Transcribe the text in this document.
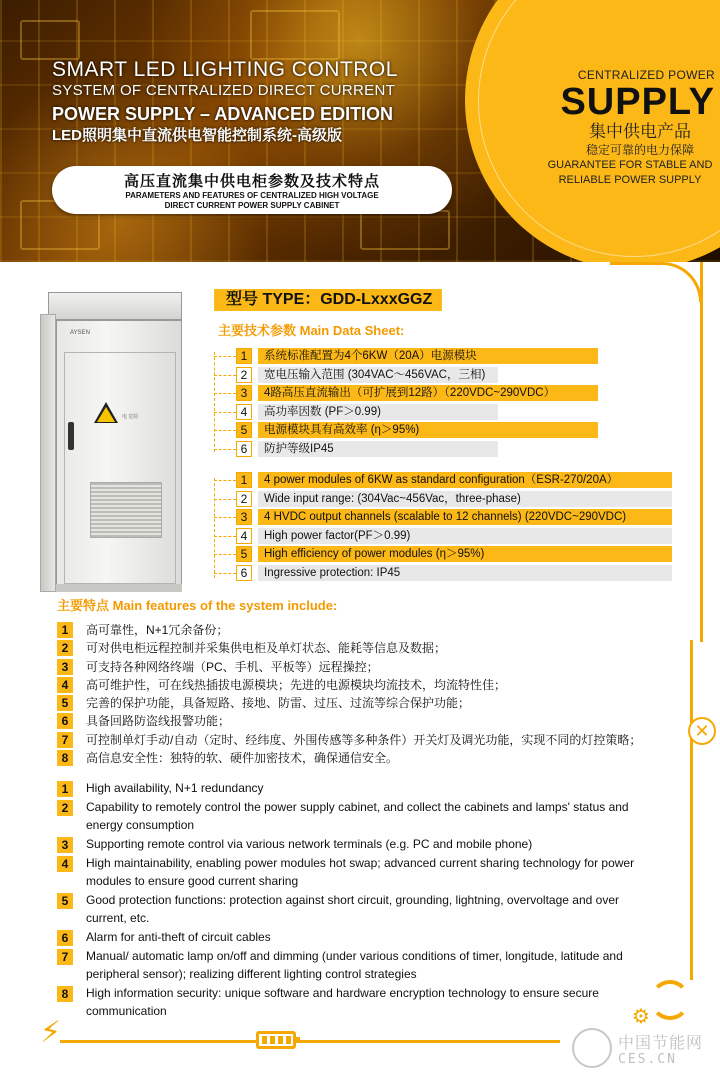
SMART LED LIGHTING CONTROL
SYSTEM OF CENTRALIZED DIRECT CURRENT
POWER SUPPLY – ADVANCED EDITION
LED照明集中直流供电智能控制系统-高级版
高压直流集中供电柜参数及技术特点
PARAMETERS AND FEATURES OF CENTRALIZED HIGH VOLTAGE
DIRECT CURRENT POWER SUPPLY CABINET
CENTRALIZED POWER
SUPPLY
集中供电产品
稳定可靠的电力保障
GUARANTEE FOR STABLE AND
RELIABLE POWER SUPPLY
✕
AYSEN
电 危险
型号 TYPE：GDD-LxxxGGZ
主要技术参数 Main Data Sheet:
1	系统标准配置为4个6KW（20A）电源模块
2	宽电压输入范围 (304VAC～456VAC，三相)
3	4路高压直流输出（可扩展到12路）（220VDC~290VDC）
4	高功率因数 (PF＞0.99)
5	电源模块具有高效率 (η＞95%)
6	防护等级IP45
1	4 power modules of 6KW as standard configuration（ESR-270/20A）
2	Wide input range: (304Vac~456Vac，three-phase)
3	4 HVDC output channels (scalable to 12 channels) (220VDC~290VDC)
4	High power factor(PF＞0.99)
5	High efficiency of power modules (η＞95%)
6	Ingressive protection: IP45
主要特点 Main features of the system include:
1	高可靠性，N+1冗余备份；
2	可对供电柜远程控制并采集供电柜及单灯状态、能耗等信息及数据；
3	可支持各种网络终端（PC、手机、平板等）远程操控；
4	高可维护性，可在线热插拔电源模块；先进的电源模块均流技术，均流特性佳；
5	完善的保护功能，具备短路、接地、防雷、过压、过流等综合保护功能；
6	具备回路防盗线报警功能；
7	可控制单灯手动/自动（定时、经纬度、外围传感等多种条件）开关灯及调光功能，实现不同的灯控策略；
8	高信息安全性：独特的软、硬件加密技术，确保通信安全。
1	High availability, N+1 redundancy
2	Capability to remotely control the power supply cabinet, and collect the cabinets and lamps' status and energy consumption
3	Supporting remote control via various network terminals (e.g. PC and mobile phone)
4	High maintainability, enabling power modules hot swap; advanced current sharing technology for power modules to ensure good current sharing
5	Good protection functions: protection against short circuit, grounding, lightning, overvoltage and over current, etc.
6	Alarm for anti-theft of circuit cables
7	Manual/ automatic lamp on/off and dimming (under various conditions of timer, longitude, latitude and peripheral sensor); realizing different lighting control strategies
8	High information security: unique software and hardware encryption technology to ensure secure communication
⚡	⚙
中国节能网
CES.CN
